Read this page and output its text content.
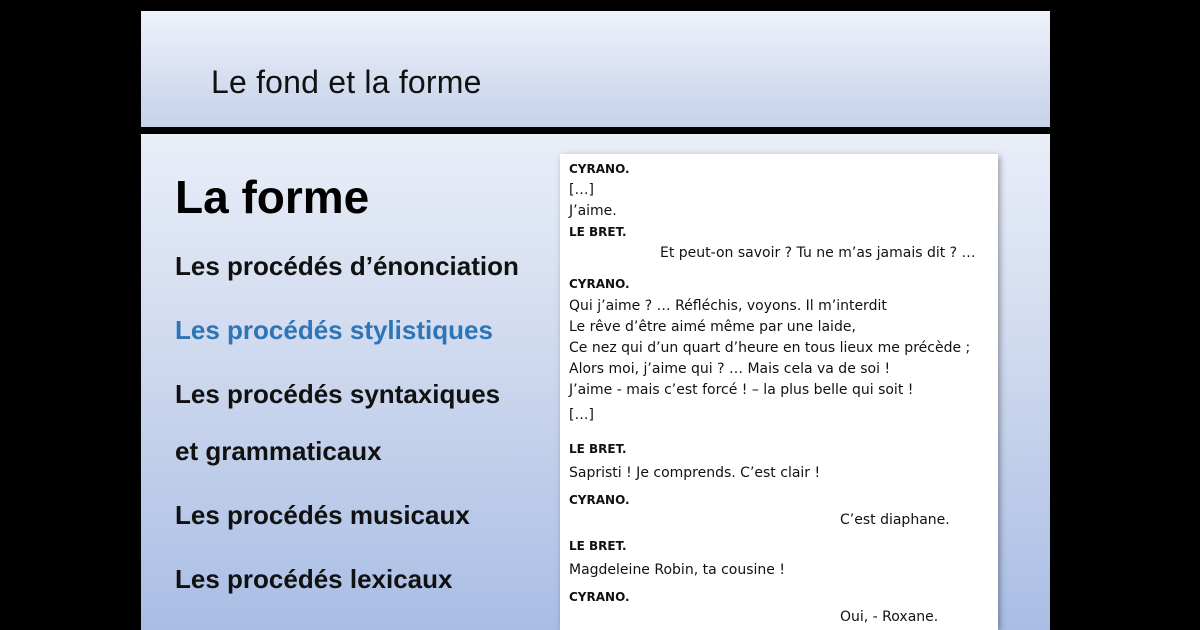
Le fond et la forme
La forme
Les procédés d’énonciation
Les procédés stylistiques
Les procédés syntaxiques
et grammaticaux
Les procédés musicaux
Les procédés lexicaux
CYRANO.
[…]
J’aime.
LE BRET.
Et peut-on savoir ? Tu ne m’as jamais dit ? …
CYRANO.
Qui j’aime ? … Réfléchis, voyons. Il m’interdit
Le rêve d’être aimé même par une laide,
Ce nez qui d’un quart d’heure en tous lieux me précède ;
Alors moi, j’aime qui ? … Mais cela va de soi !
J’aime - mais c’est forcé ! – la plus belle qui soit !
[…]
LE BRET.
Sapristi ! Je comprends. C’est clair !
CYRANO.
C’est diaphane.
LE BRET.
Magdeleine Robin, ta cousine !
CYRANO.
Oui, - Roxane.
